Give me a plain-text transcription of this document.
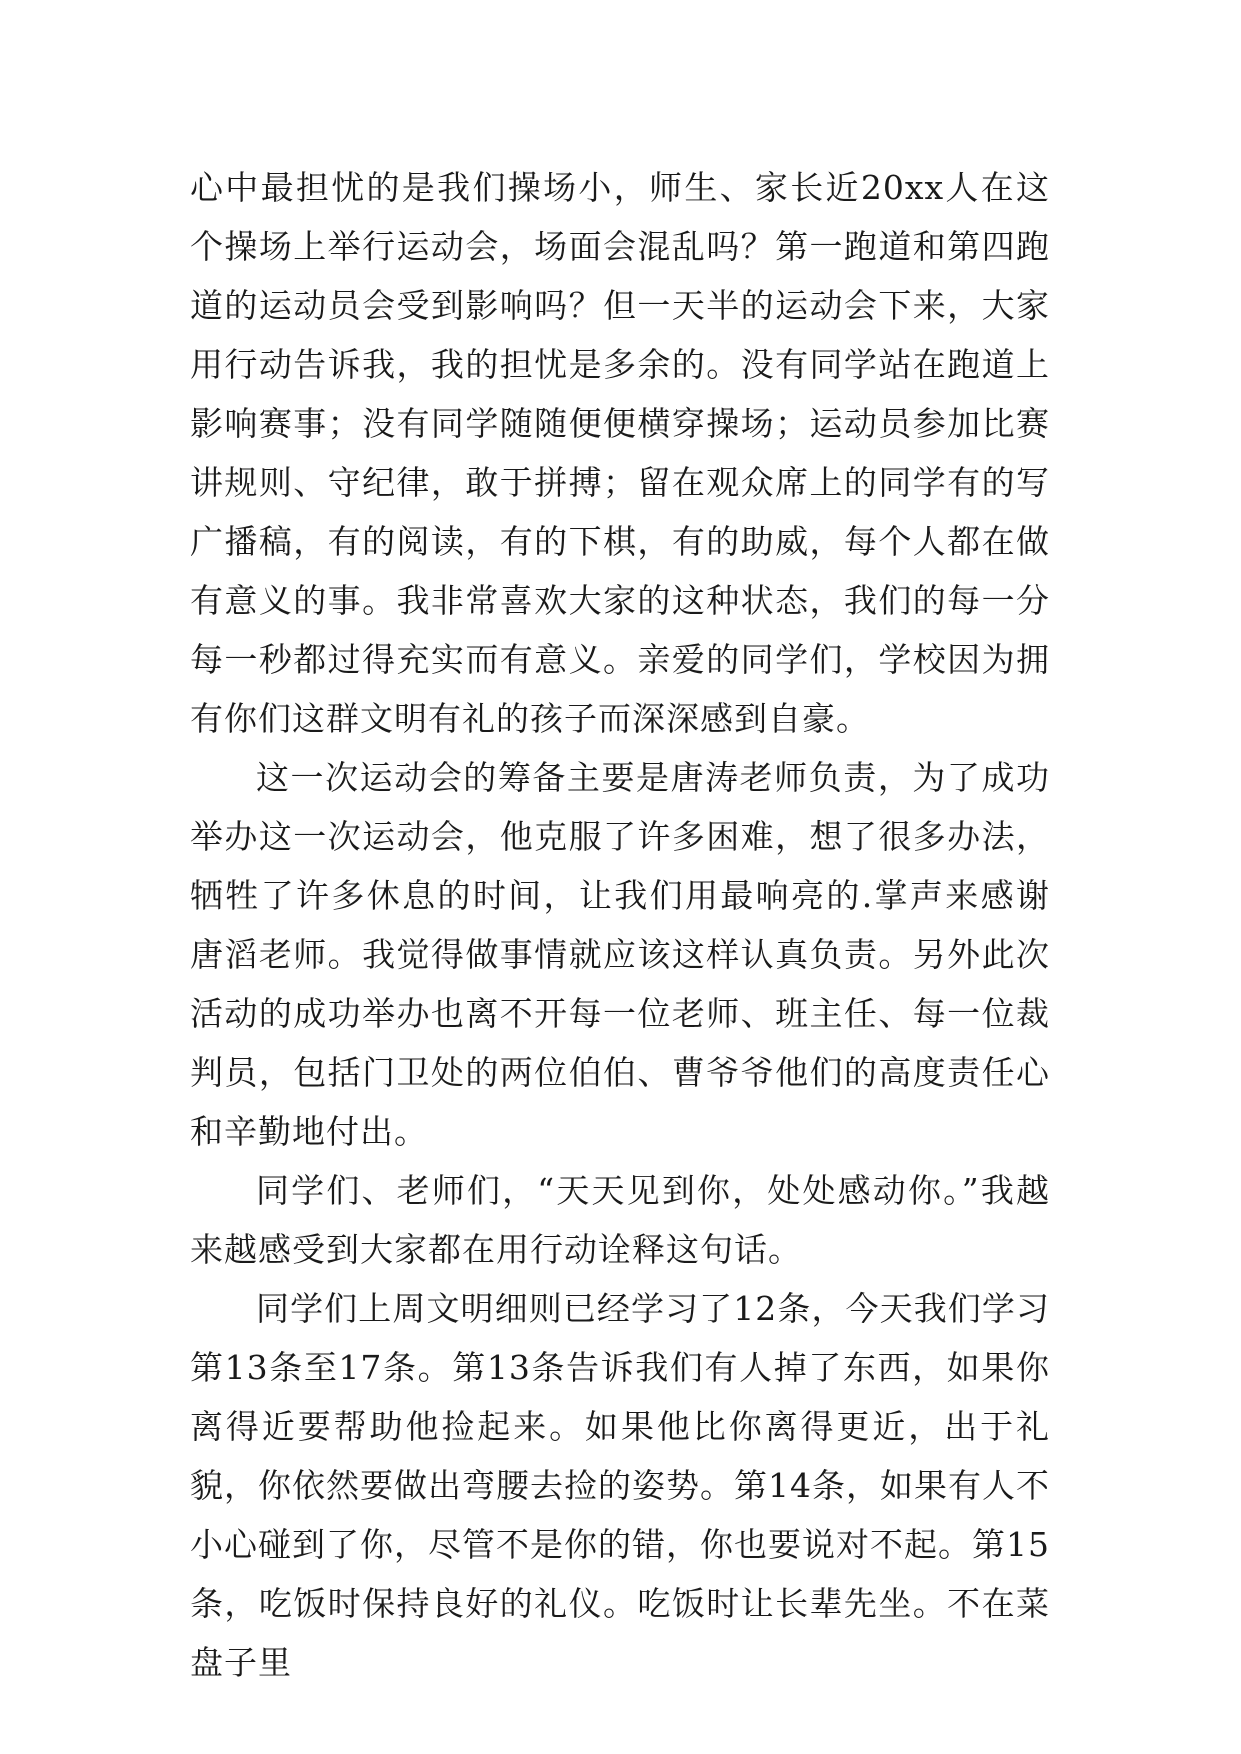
心中最担忧的是我们操场小，师生、家长近20xx人在这个操场上举行运动会，场面会混乱吗？第一跑道和第四跑道的运动员会受到影响吗？但一天半的运动会下来，大家用行动告诉我，我的担忧是多余的。没有同学站在跑道上影响赛事；没有同学随随便便横穿操场；运动员参加比赛讲规则、守纪律，敢于拼搏；留在观众席上的同学有的写广播稿，有的阅读，有的下棋，有的助威，每个人都在做有意义的事。我非常喜欢大家的这种状态，我们的每一分每一秒都过得充实而有意义。亲爱的同学们，学校因为拥有你们这群文明有礼的孩子而深深感到自豪。

这一次运动会的筹备主要是唐涛老师负责，为了成功举办这一次运动会，他克服了许多困难，想了很多办法，牺牲了许多休息的时间，让我们用最响亮的.掌声来感谢唐滔老师。我觉得做事情就应该这样认真负责。另外此次活动的成功举办也离不开每一位老师、班主任、每一位裁判员，包括门卫处的两位伯伯、曹爷爷他们的高度责任心和辛勤地付出。

同学们、老师们，“天天见到你，处处感动你。”我越来越感受到大家都在用行动诠释这句话。

同学们上周文明细则已经学习了12条，今天我们学习第13条至17条。第13条告诉我们有人掉了东西，如果你离得近要帮助他捡起来。如果他比你离得更近，出于礼貌，你依然要做出弯腰去捡的姿势。第14条，如果有人不小心碰到了你，尽管不是你的错，你也要说对不起。第15条，吃饭时保持良好的礼仪。吃饭时让长辈先坐。不在菜盘子里
